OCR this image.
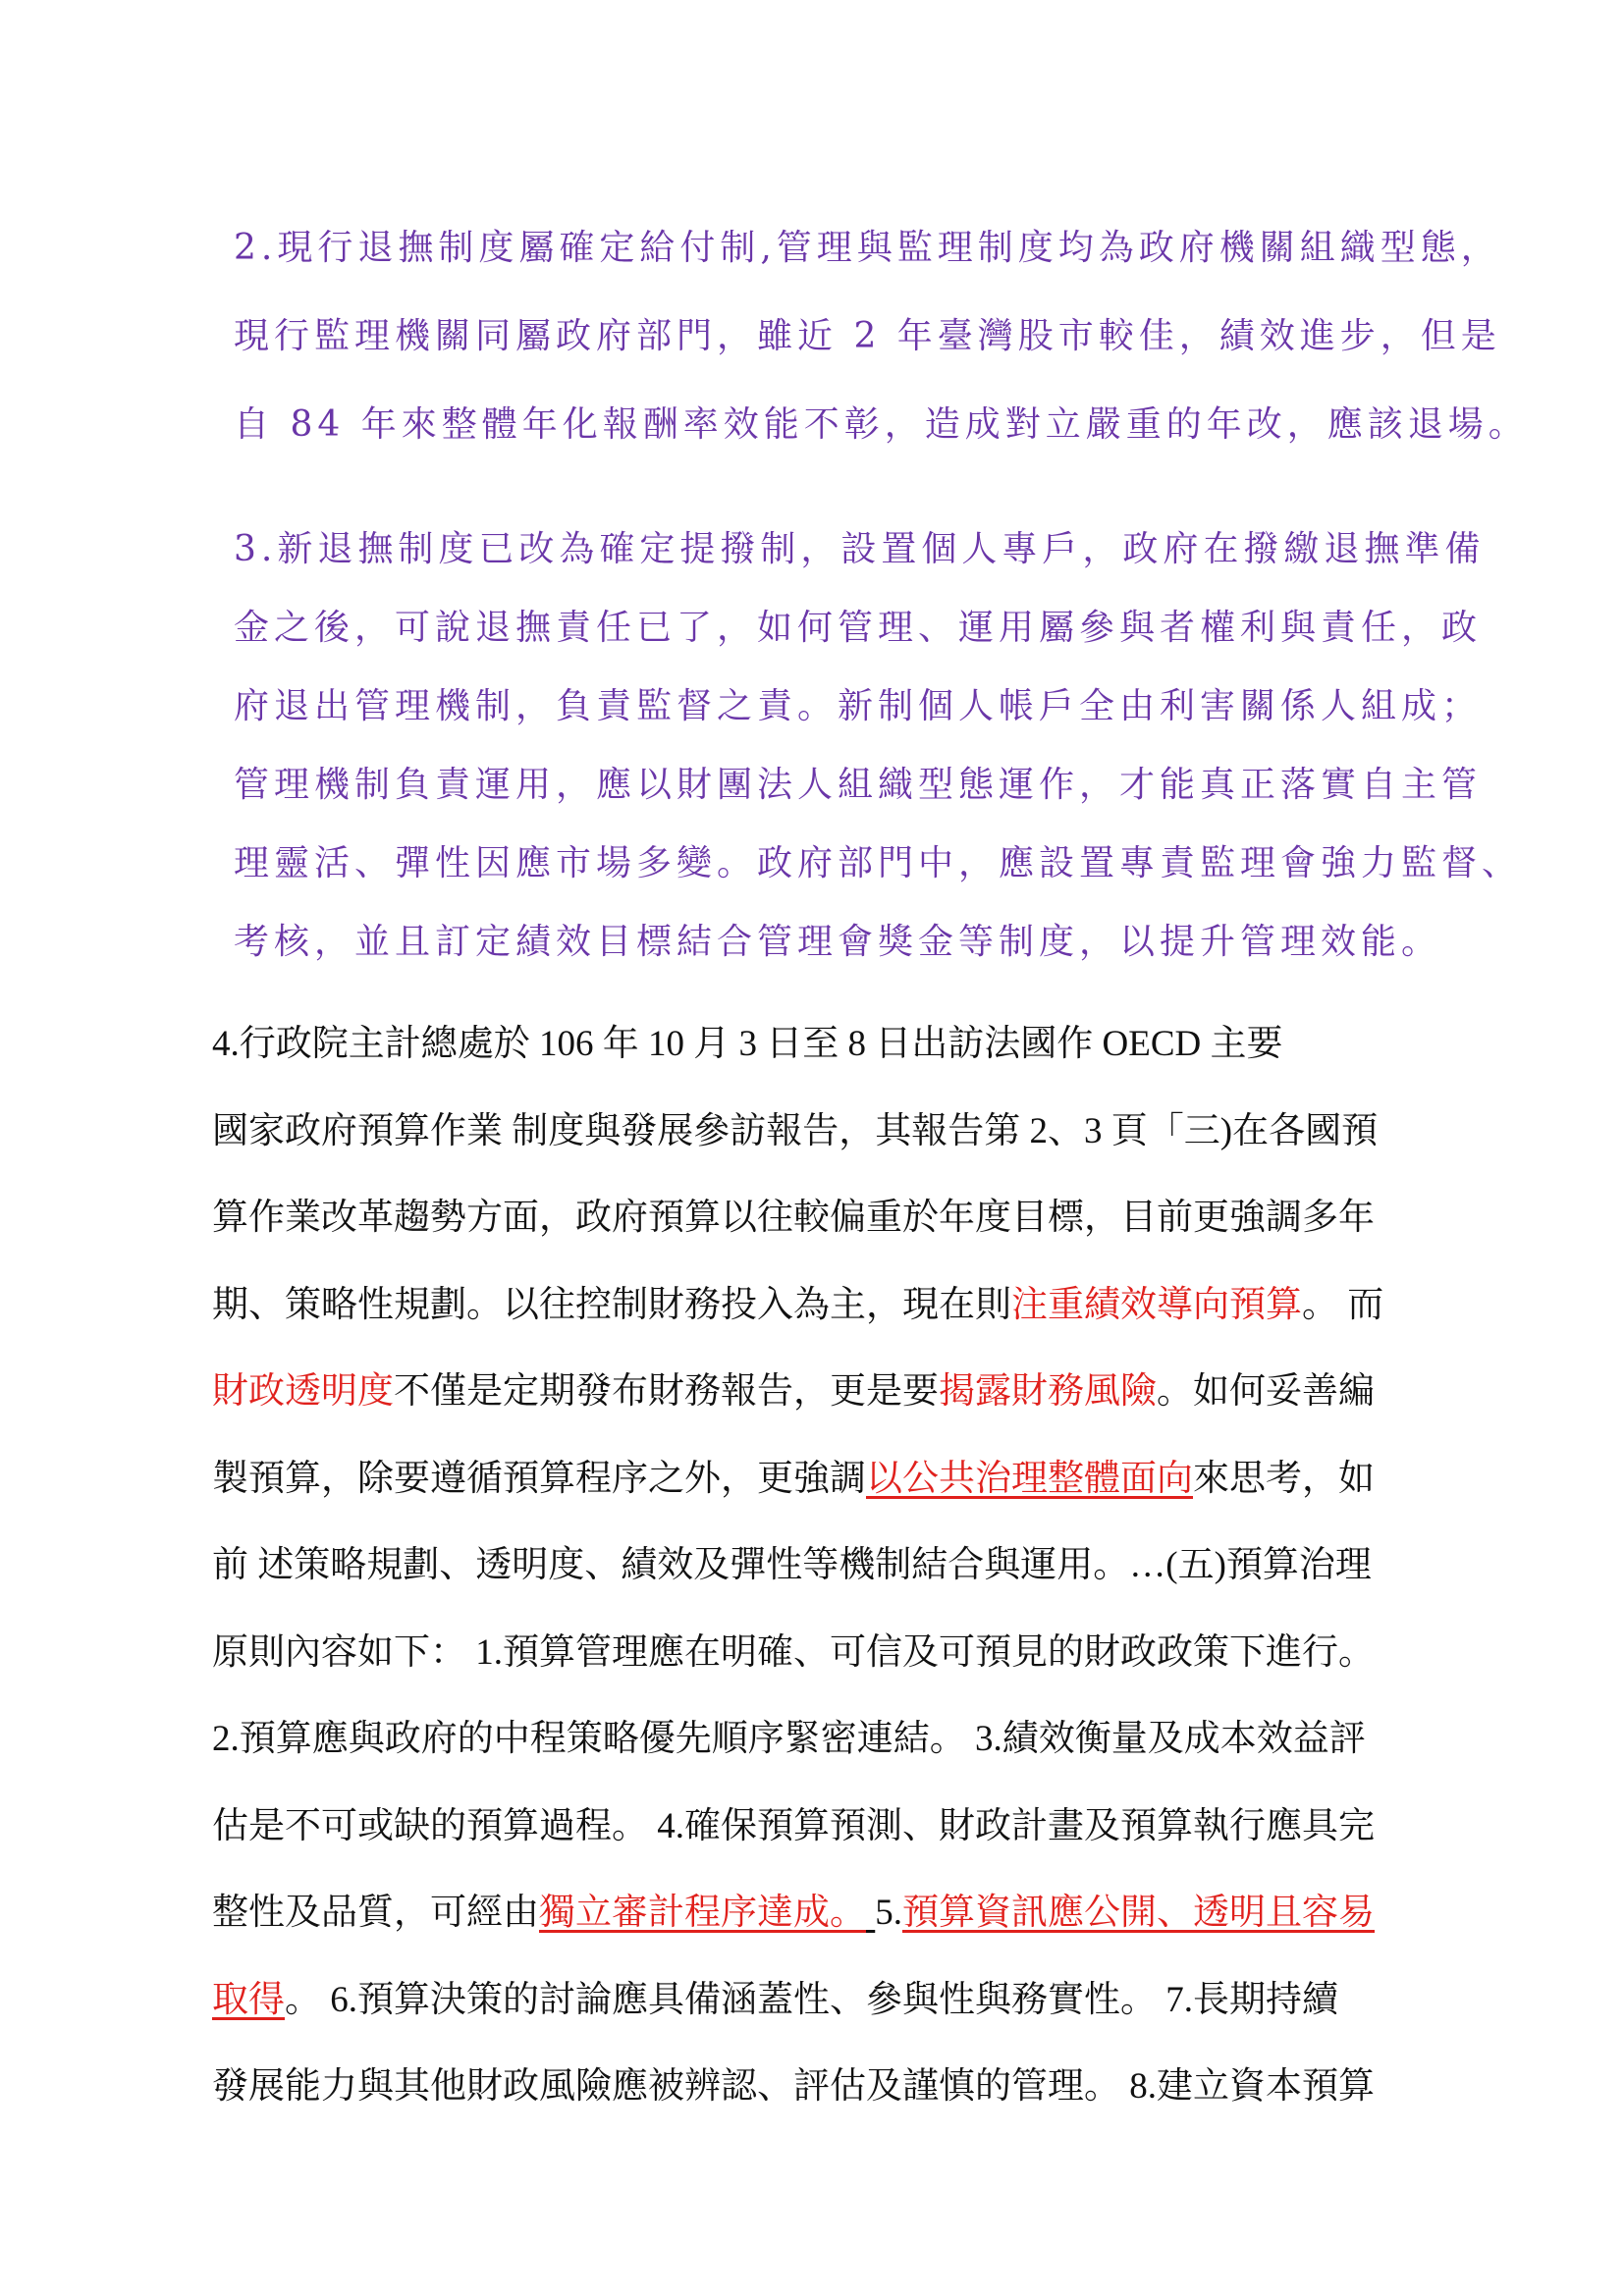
2.現行退撫制度屬確定給付制,管理與監理制度均為政府機關組織型態，
現行監理機關同屬政府部門，雖近 2 年臺灣股市較佳，績效進步，但是
自 84 年來整體年化報酬率效能不彰，造成對立嚴重的年改，應該退場。
3.新退撫制度已改為確定提撥制，設置個人專戶，政府在撥繳退撫準備
金之後，可說退撫責任已了，如何管理、運用屬參與者權利與責任，政
府退出管理機制，負責監督之責。新制個人帳戶全由利害關係人組成；
管理機制負責運用，應以財團法人組織型態運作，才能真正落實自主管
理靈活、彈性因應市場多變。政府部門中，應設置專責監理會強力監督、
考核，並且訂定績效目標結合管理會獎金等制度，以提升管理效能。
4.行政院主計總處於 106 年 10 月 3 日至 8 日出訪法國作 OECD 主要
國家政府預算作業 制度與發展參訪報告，其報告第 2、3 頁「三)在各國預
算作業改革趨勢方面，政府預算以往較偏重於年度目標，目前更強調多年
期、策略性規劃。以往控制財務投入為主，現在則注重績效導向預算。 而
財政透明度不僅是定期發布財務報告，更是要揭露財務風險。如何妥善編
製預算，除要遵循預算程序之外，更強調以公共治理整體面向來思考，如
前 述策略規劃、透明度、績效及彈性等機制結合與運用。…(五)預算治理
原則內容如下： 1.預算管理應在明確、可信及可預見的財政政策下進行。
2.預算應與政府的中程策略優先順序緊密連結。 3.績效衡量及成本效益評
估是不可或缺的預算過程。 4.確保預算預測、財政計畫及預算執行應具完
整性及品質，可經由獨立審計程序達成。 5.預算資訊應公開、透明且容易
取得。 6.預算決策的討論應具備涵蓋性、參與性與務實性。 7.長期持續
發展能力與其他財政風險應被辨認、評估及謹慎的管理。 8.建立資本預算
